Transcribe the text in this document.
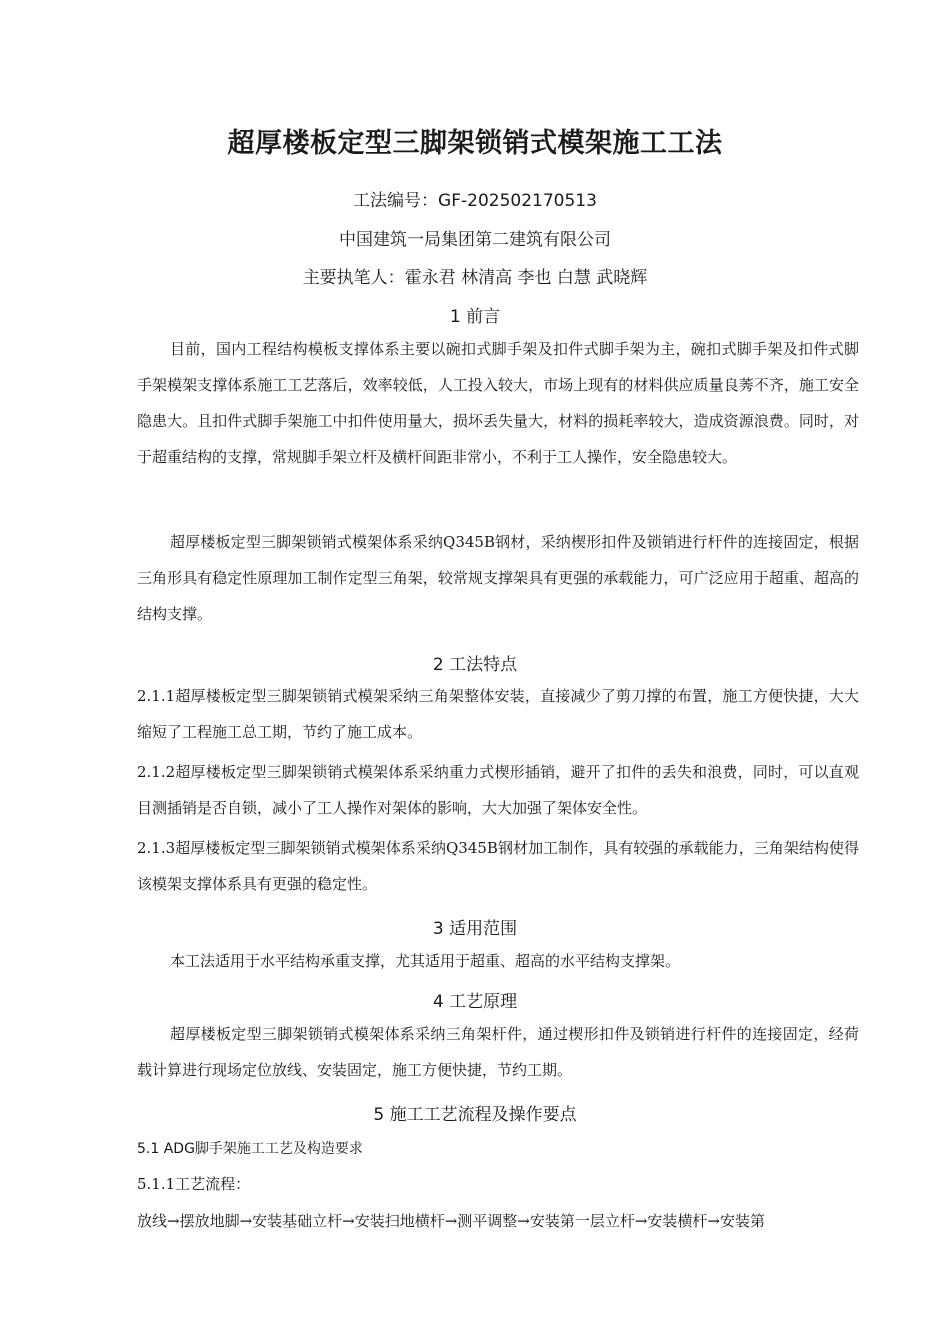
超厚楼板定型三脚架锁销式模架施工工法
工法编号：GF-202502170513
中国建筑一局集团第二建筑有限公司
主要执笔人：霍永君 林清高 李也 白慧 武晓辉
1 前言

目前，国内工程结构模板支撑体系主要以碗扣式脚手架及扣件式脚手架为主，碗扣式脚手架及扣件式脚手架模架支撑体系施工工艺落后，效率较低，人工投入较大，市场上现有的材料供应质量良莠不齐，施工安全隐患大。且扣件式脚手架施工中扣件使用量大，损坏丢失量大，材料的损耗率较大，造成资源浪费。同时，对于超重结构的支撑，常规脚手架立杆及横杆间距非常小，不利于工人操作，安全隐患较大。

超厚楼板定型三脚架锁销式模架体系采纳Q345B钢材，采纳楔形扣件及锁销进行杆件的连接固定，根据三角形具有稳定性原理加工制作定型三角架，较常规支撑架具有更强的承载能力，可广泛应用于超重、超高的结构支撑。

2 工法特点

2.1.1超厚楼板定型三脚架锁销式模架采纳三角架整体安装，直接减少了剪刀撑的布置，施工方便快捷，大大缩短了工程施工总工期，节约了施工成本。

2.1.2超厚楼板定型三脚架锁销式模架体系采纳重力式楔形插销，避开了扣件的丢失和浪费，同时，可以直观目测插销是否自锁，减小了工人操作对架体的影响，大大加强了架体安全性。

2.1.3超厚楼板定型三脚架锁销式模架体系采纳Q345B钢材加工制作，具有较强的承载能力，三角架结构使得该模架支撑体系具有更强的稳定性。

3 适用范围

本工法适用于水平结构承重支撑，尤其适用于超重、超高的水平结构支撑架。

4 工艺原理

超厚楼板定型三脚架锁销式模架体系采纳三角架杆件，通过楔形扣件及锁销进行杆件的连接固定，经荷载计算进行现场定位放线、安装固定，施工方便快捷，节约工期。

5 施工工艺流程及操作要点
5.1 ADG脚手架施工工艺及构造要求

5.1.1工艺流程：

放线→摆放地脚→安装基础立杆→安装扫地横杆→测平调整→安装第一层立杆→安装横杆→安装第
